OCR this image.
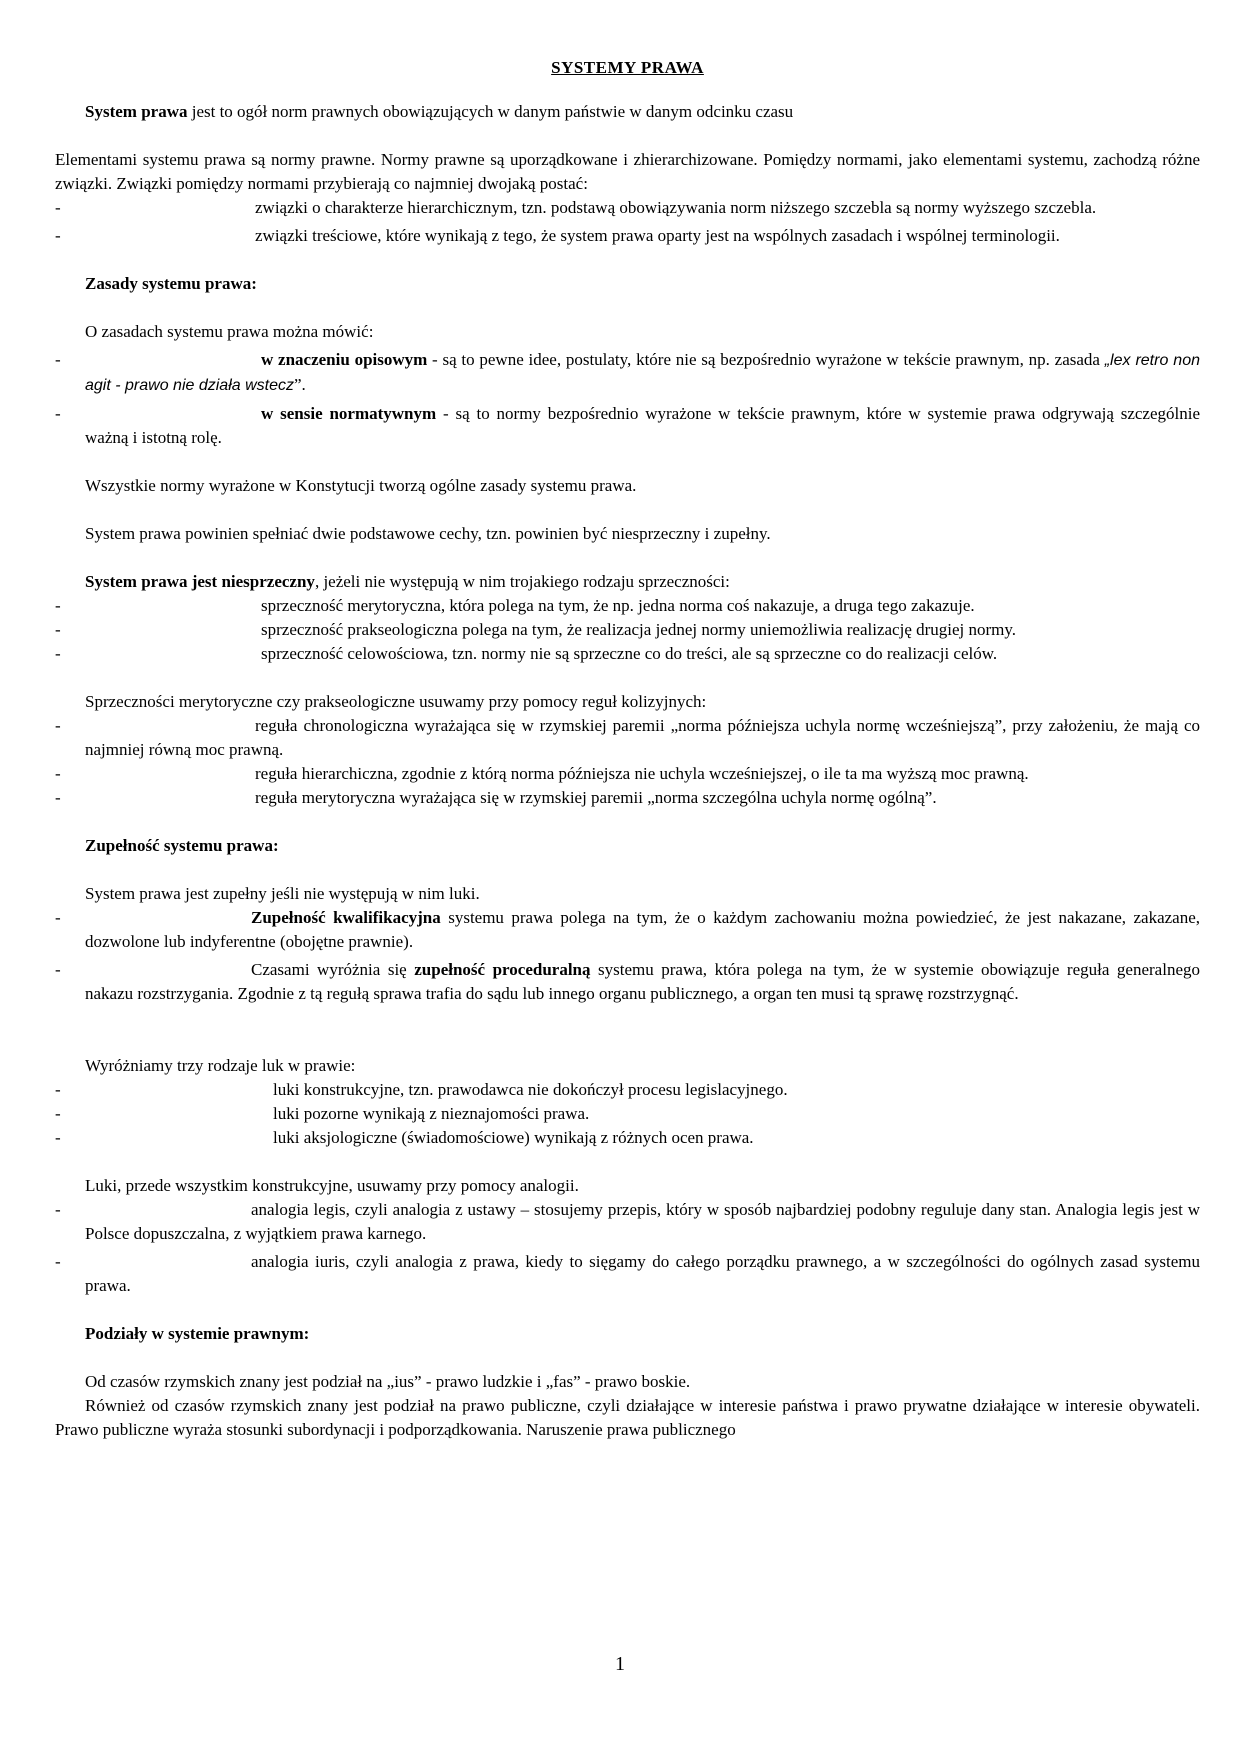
SYSTEMY PRAWA

System prawa jest to ogół norm prawnych obowiązujących w danym państwie w danym odcinku czasu

Elementami systemu prawa są normy prawne. Normy prawne są uporządkowane i zhierarchizowane. Pomiędzy normami, jako elementami systemu, zachodzą różne związki. Związki pomiędzy normami przybierają co najmniej dwojaką postać:

-	związki o charakterze hierarchicznym, tzn. podstawą obowiązywania norm niższego szczebla są normy wyższego szczebla.
-	związki treściowe, które wynikają z tego, że system prawa oparty jest na wspólnych zasadach i wspólnej terminologii.

Zasady systemu prawa:

O zasadach systemu prawa można mówić:

-	w znaczeniu opisowym - są to pewne idee, postulaty, które nie są bezpośrednio wyrażone w tekście prawnym, np. zasada „lex retro non agit - prawo nie działa wstecz”.
-	w sensie normatywnym - są to normy bezpośrednio wyrażone w tekście prawnym, które w systemie prawa odgrywają szczególnie ważną i istotną rolę.

Wszystkie normy wyrażone w Konstytucji tworzą ogólne zasady systemu prawa.

System prawa powinien spełniać dwie podstawowe cechy, tzn. powinien być niesprzeczny i zupełny.

System prawa jest niesprzeczny, jeżeli nie występują w nim trojakiego rodzaju sprzeczności:

-	sprzeczność merytoryczna, która polega na tym, że np. jedna norma coś nakazuje, a druga tego zakazuje.
-	sprzeczność prakseologiczna polega na tym, że realizacja jednej normy uniemożliwia realizację drugiej normy.
-	sprzeczność celowościowa, tzn. normy nie są sprzeczne co do treści, ale są sprzeczne co do realizacji celów.

Sprzeczności merytoryczne czy prakseologiczne usuwamy przy pomocy reguł kolizyjnych:

-	reguła chronologiczna wyrażająca się w rzymskiej paremii „norma późniejsza uchyla normę wcześniejszą”, przy założeniu, że mają co najmniej równą moc prawną.
-	reguła hierarchiczna, zgodnie z którą norma późniejsza nie uchyla wcześniejszej, o ile ta ma wyższą moc prawną.
-	reguła merytoryczna wyrażająca się w rzymskiej paremii „norma szczególna uchyla normę ogólną”.

Zupełność systemu prawa:

System prawa jest zupełny jeśli nie występują w nim luki.

-	Zupełność kwalifikacyjna systemu prawa polega na tym, że o każdym zachowaniu można powiedzieć, że jest nakazane, zakazane, dozwolone lub indyferentne (obojętne prawnie).
-	Czasami wyróżnia się zupełność proceduralną systemu prawa, która polega na tym, że w systemie obowiązuje reguła generalnego nakazu rozstrzygania. Zgodnie z tą regułą sprawa trafia do sądu lub innego organu publicznego, a organ ten musi tą sprawę rozstrzygnąć.

Wyróżniamy trzy rodzaje luk w prawie:

-	luki konstrukcyjne, tzn. prawodawca nie dokończył procesu legislacyjnego.
-	luki pozorne wynikają z nieznajomości prawa.
-	luki aksjologiczne (świadomościowe) wynikają z różnych ocen prawa.

Luki, przede wszystkim konstrukcyjne, usuwamy przy pomocy analogii.

-	analogia legis, czyli analogia z ustawy – stosujemy przepis, który w sposób najbardziej podobny reguluje dany stan. Analogia legis jest w Polsce dopuszczalna, z wyjątkiem prawa karnego.
-	analogia iuris, czyli analogia z prawa, kiedy to sięgamy do całego porządku prawnego, a w szczególności do ogólnych zasad systemu prawa.

Podziały w systemie prawnym:

Od czasów rzymskich znany jest podział na „ius” - prawo ludzkie i „fas” - prawo boskie.

Również od czasów rzymskich znany jest podział na prawo publiczne, czyli działające w interesie państwa i prawo prywatne działające w interesie obywateli. Prawo publiczne wyraża stosunki subordynacji i podporządkowania. Naruszenie prawa publicznego

1
